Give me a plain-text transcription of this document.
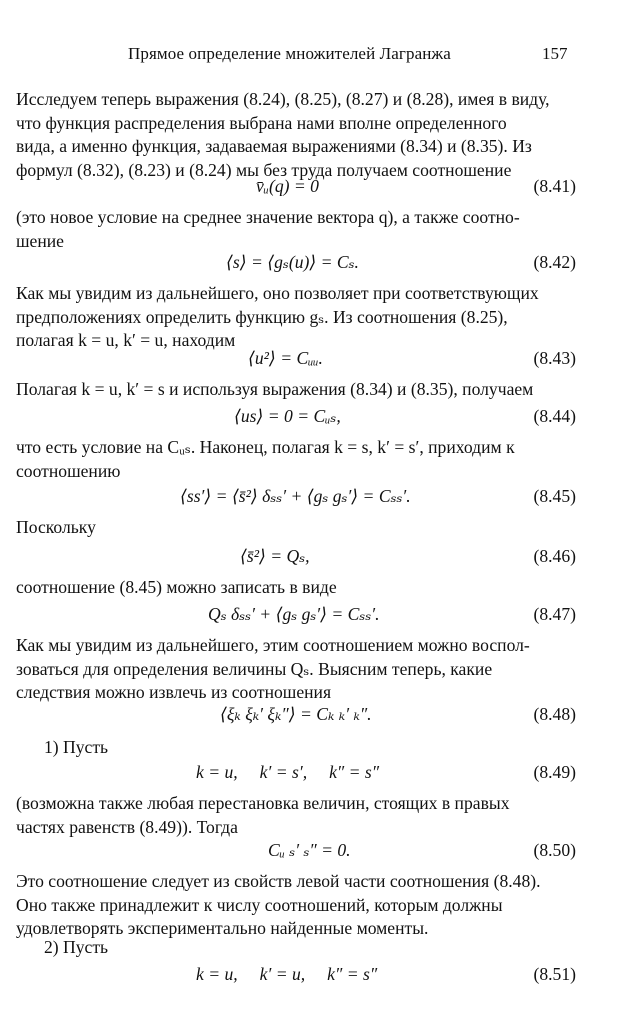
Прямое определение множителей Лагранжа	157
Исследуем теперь выражения (8.24), (8.25), (8.27) и (8.28), имея в виду,
что функция распределения выбрана нами вполне определенного
вида, а именно функция, задаваемая выражениями (8.34) и (8.35). Из
формул (8.32), (8.23) и (8.24) мы без труда получаем соотношение
v̄ᵤ(q) = 0	(8.41)
(это новое условие на среднее значение вектора q), а также соотно-
шение
⟨s⟩ = ⟨gₛ(u)⟩ = Cₛ.	(8.42)
Как мы увидим из дальнейшего, оно позволяет при соответствующих
предположениях определить функцию gₛ. Из соотношения (8.25),
полагая k = u, k′ = u, находим
⟨u²⟩ = Cᵤᵤ.	(8.43)
Полагая k = u, k′ = s и используя выражения (8.34) и (8.35), получаем
⟨us⟩ = 0 = Cᵤₛ,	(8.44)
что есть условие на Cᵤₛ. Наконец, полагая k = s, k′ = s′, приходим к
соотношению
⟨ss′⟩ = ⟨s̄²⟩ δₛₛ′ + ⟨gₛ gₛ′⟩ = Cₛₛ′.	(8.45)
Поскольку
⟨s̄²⟩ = Qₛ,	(8.46)
соотношение (8.45) можно записать в виде
Qₛ δₛₛ′ + ⟨gₛ gₛ′⟩ = Cₛₛ′.	(8.47)
Как мы увидим из дальнейшего, этим соотношением можно воспол-
зоваться для определения величины Qₛ. Выясним теперь, какие
следствия можно извлечь из соотношения
⟨ξₖ ξₖ′ ξₖ″⟩ = Cₖ ₖ′ ₖ″.	(8.48)
1) Пусть
k = u,     k′ = s′,     k″ = s″	(8.49)
(возможна также любая перестановка величин, стоящих в правых
частях равенств (8.49)). Тогда
Cᵤ ₛ′ ₛ″ = 0.	(8.50)
Это соотношение следует из свойств левой части соотношения (8.48).
Оно также принадлежит к числу соотношений, которым должны
удовлетворять экспериментально найденные моменты.
2) Пусть
k = u,     k′ = u,     k″ = s″	(8.51)
